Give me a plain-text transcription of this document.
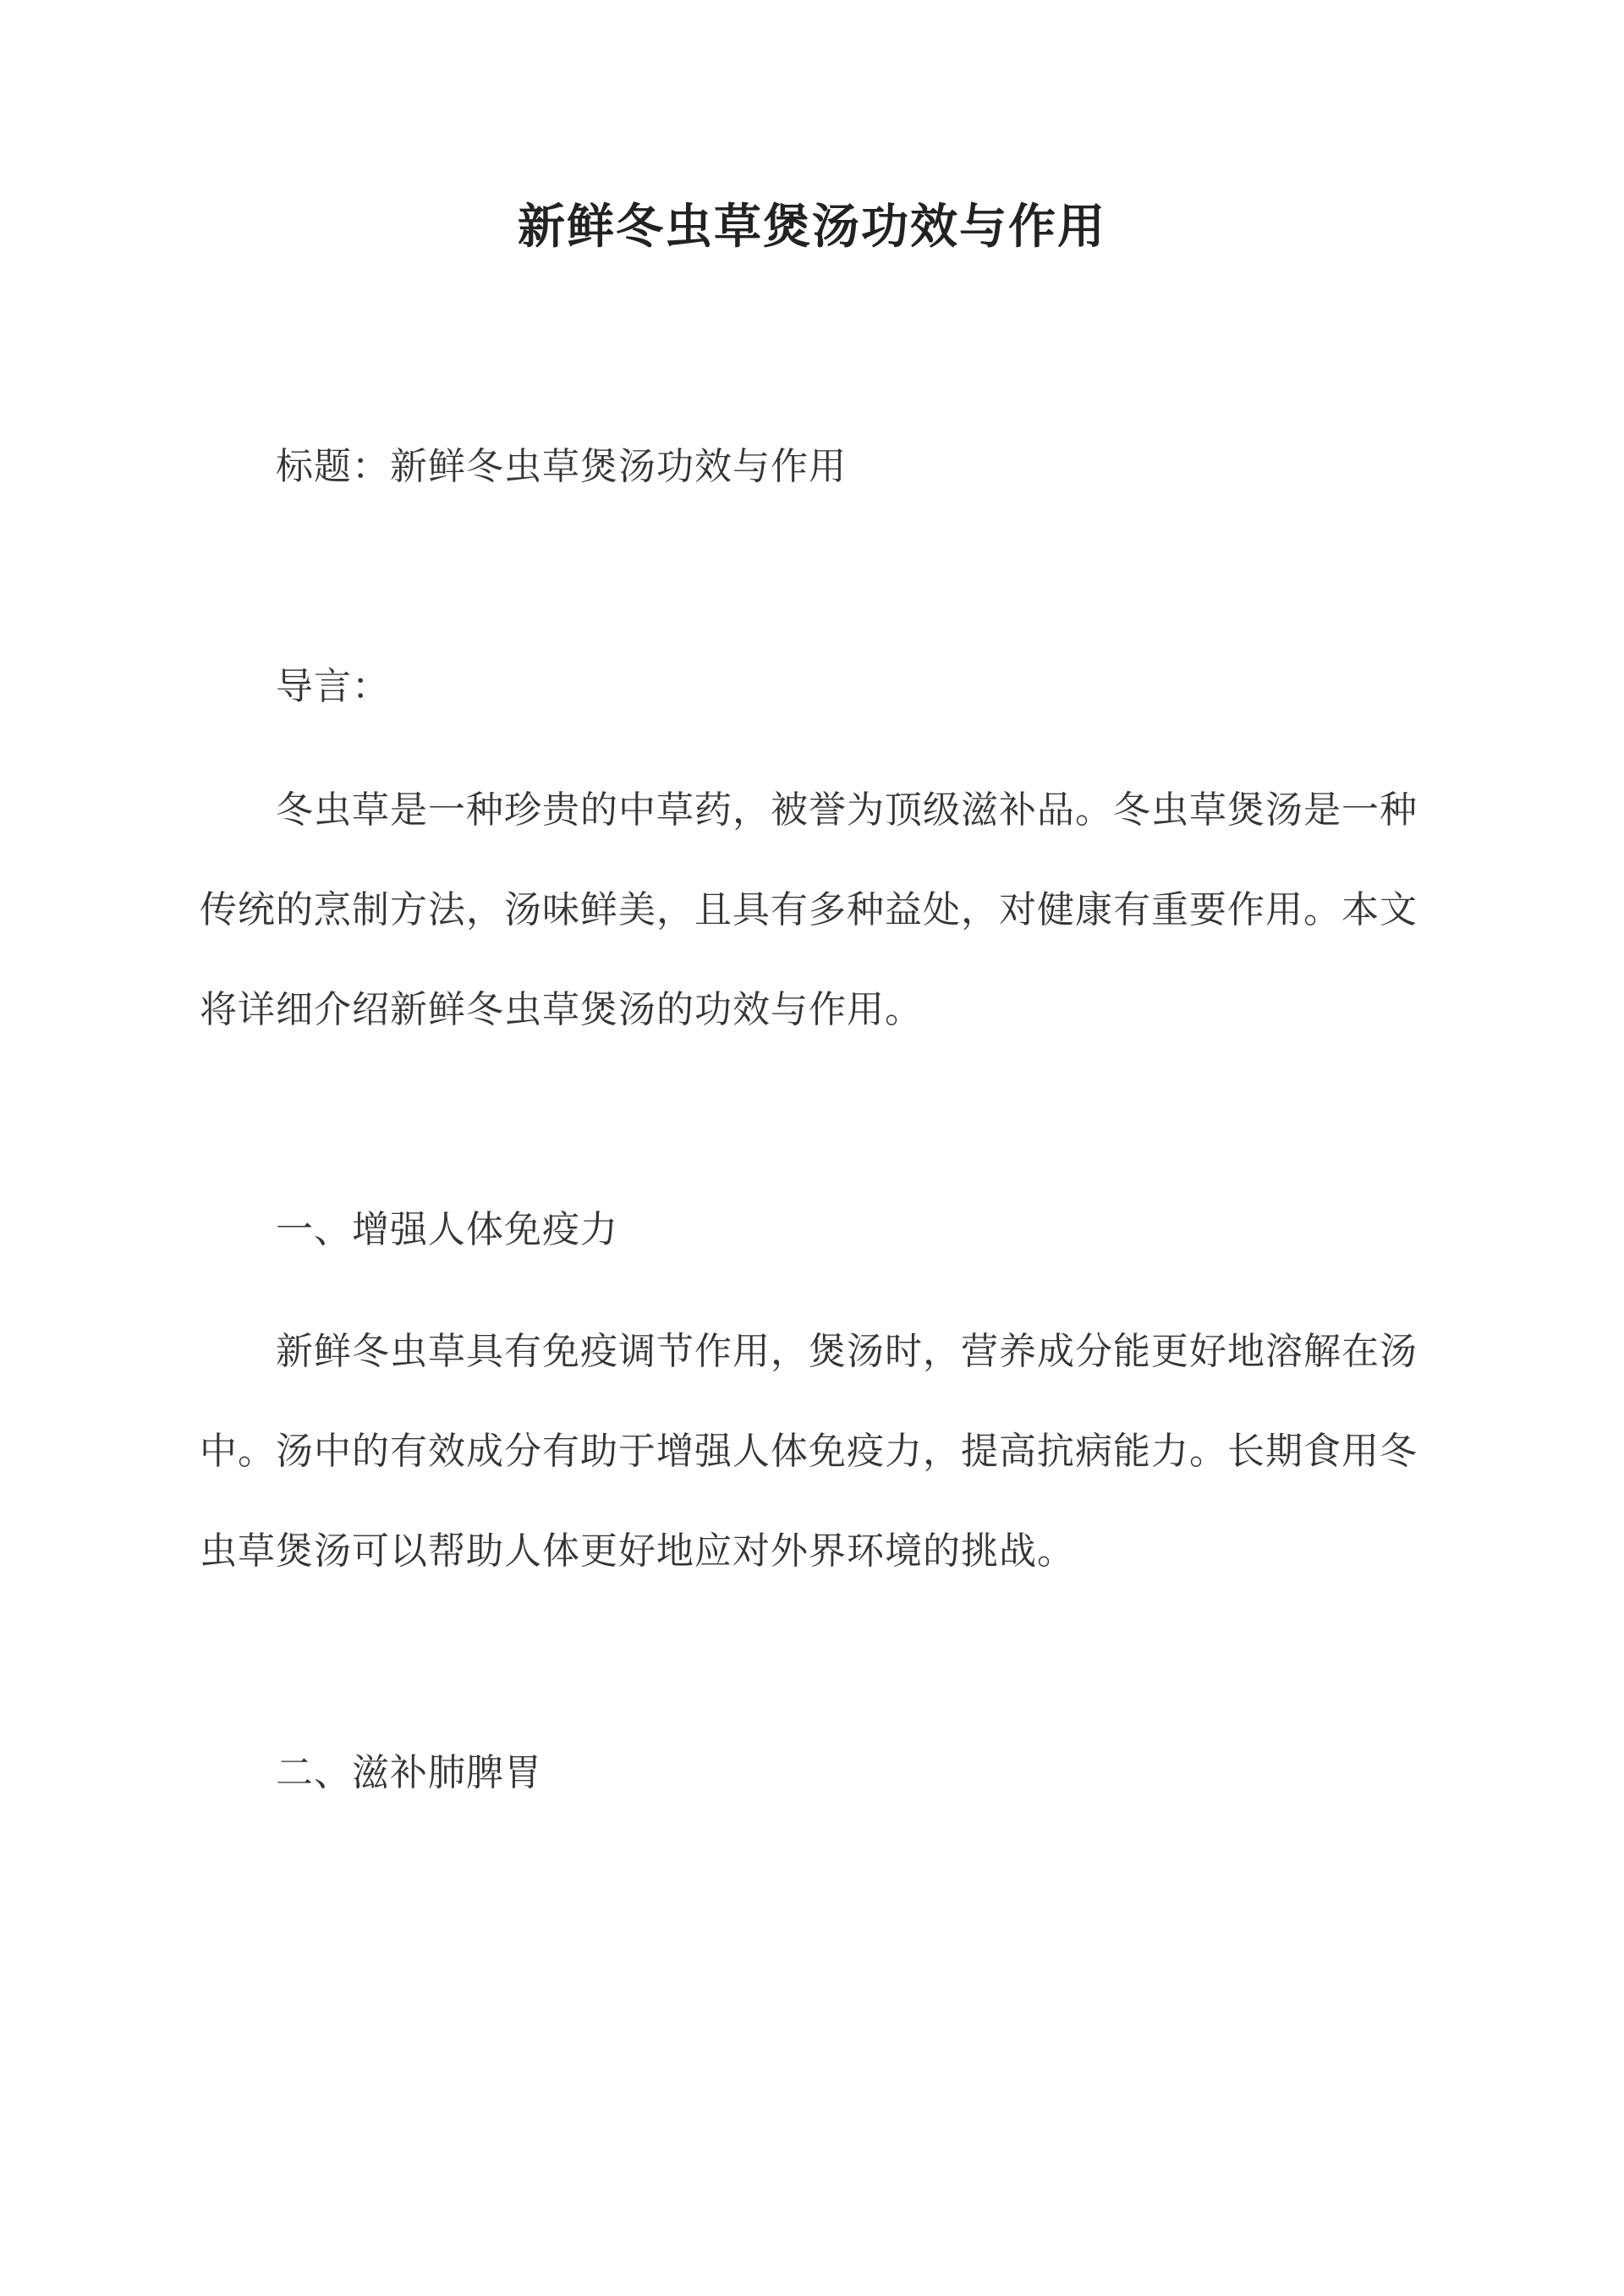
新鲜冬虫草煲汤功效与作用

标题：新鲜冬虫草煲汤功效与作用

导言：

冬虫草是一种珍贵的中草药，被誉为顶级滋补品。冬虫草煲汤是一种

传统的烹制方法，汤味鲜美，且具有多种益处，对健康有重要作用。本文

将详细介绍新鲜冬虫草煲汤的功效与作用。

一、增强人体免疫力

新鲜冬虫草具有免疫调节作用，煲汤时，营养成分能更好地溶解在汤

中。汤中的有效成分有助于增强人体免疫力，提高抗病能力。长期食用冬

虫草煲汤可以帮助人体更好地应对外界环境的挑战。

二、滋补肺脾胃
